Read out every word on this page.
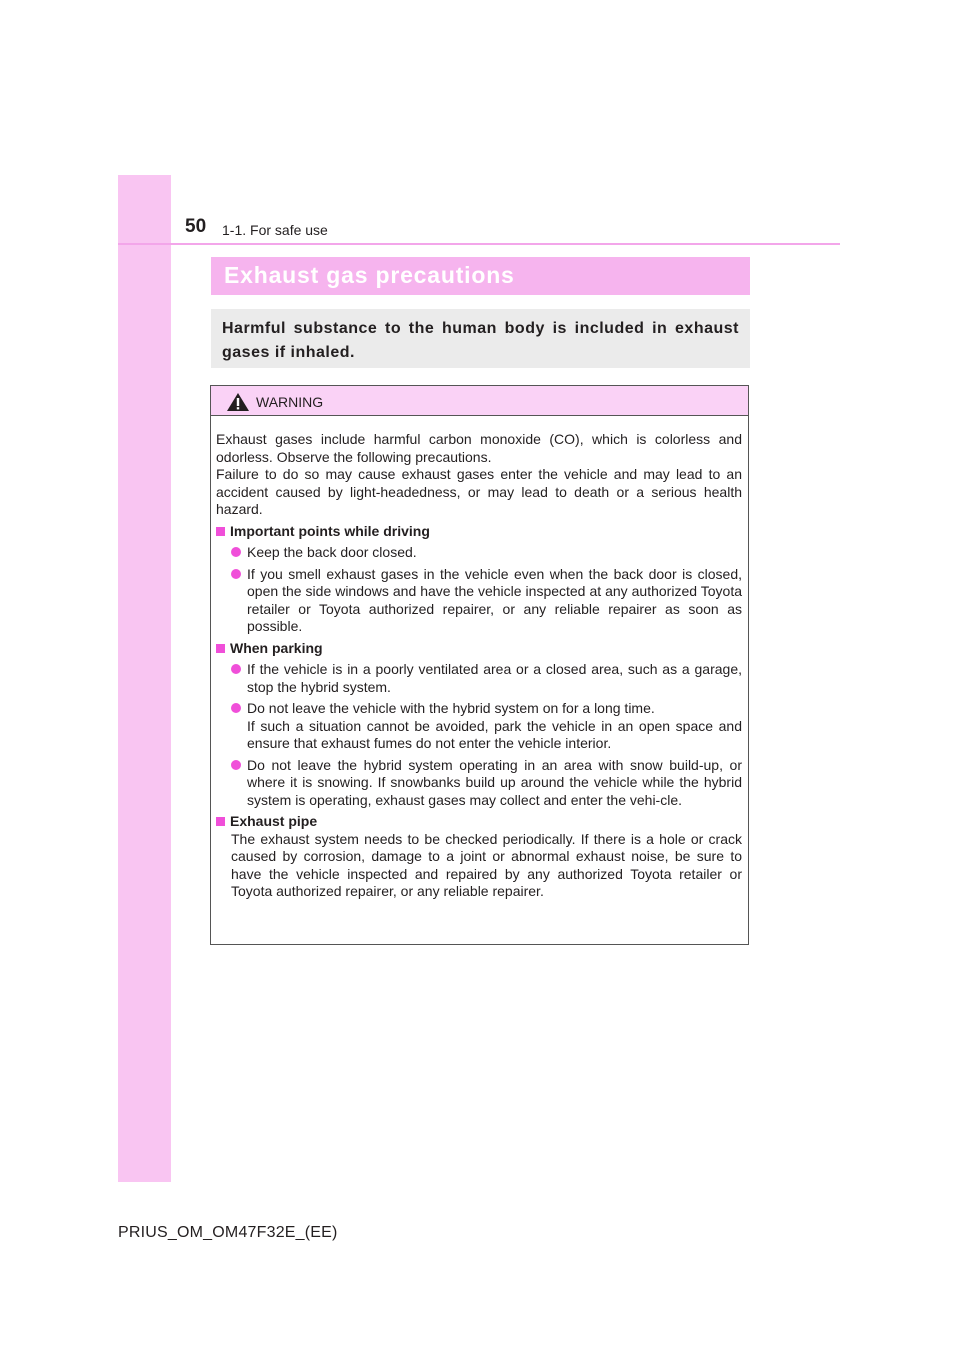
50 1-1. For safe use
Exhaust gas precautions
Harmful substance to the human body is included in exhaust gases if inhaled.
WARNING

Exhaust gases include harmful carbon monoxide (CO), which is colorless and odorless. Observe the following precautions.

Failure to do so may cause exhaust gases enter the vehicle and may lead to an accident caused by light-headedness, or may lead to death or a serious health hazard.

Important points while driving
Keep the back door closed.
If you smell exhaust gases in the vehicle even when the back door is closed, open the side windows and have the vehicle inspected at any authorized Toyota retailer or Toyota authorized repairer, or any reliable repairer as soon as possible.
When parking
If the vehicle is in a poorly ventilated area or a closed area, such as a garage, stop the hybrid system.
Do not leave the vehicle with the hybrid system on for a long time.
If such a situation cannot be avoided, park the vehicle in an open space and ensure that exhaust fumes do not enter the vehicle interior.
Do not leave the hybrid system operating in an area with snow build-up, or where it is snowing. If snowbanks build up around the vehicle while the hybrid system is operating, exhaust gases may collect and enter the vehi-cle.
Exhaust pipe

The exhaust system needs to be checked periodically. If there is a hole or crack caused by corrosion, damage to a joint or abnormal exhaust noise, be sure to have the vehicle inspected and repaired by any authorized Toyota retailer or Toyota authorized repairer, or any reliable repairer.

PRIUS_OM_OM47F32E_(EE)
